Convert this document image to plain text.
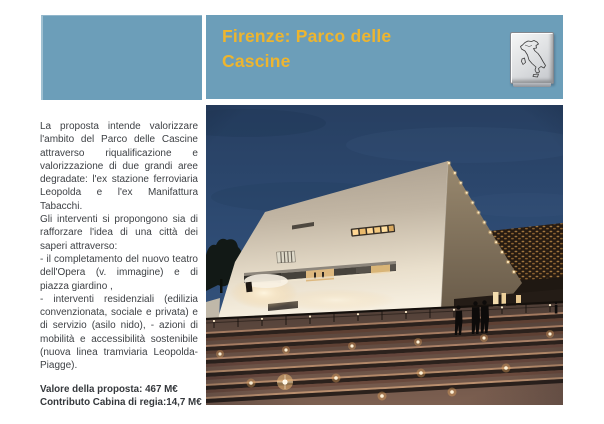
Firenze: Parco delle Cascine

La proposta intende valorizzare l'ambito del Parco delle Cascine attraverso riqualificazione e valorizzazione di due grandi aree degradate: l'ex stazione ferroviaria Leopolda e l'ex Manifattura Tabacchi.

Gli interventi si propongono sia di rafforzare l'idea di una città dei saperi attraverso:

- il completamento del nuovo teatro dell'Opera (v. immagine) e di piazza giardino ,

- interventi residenziali (edilizia convenzionata, sociale e privata) e di servizio (asilo nido), - azioni di mobilità e accessibilità sostenibile (nuova linea tramviaria Leopolda-Piagge).

Valore della proposta: 467 M€

Contributo Cabina di regia:14,7 M€
